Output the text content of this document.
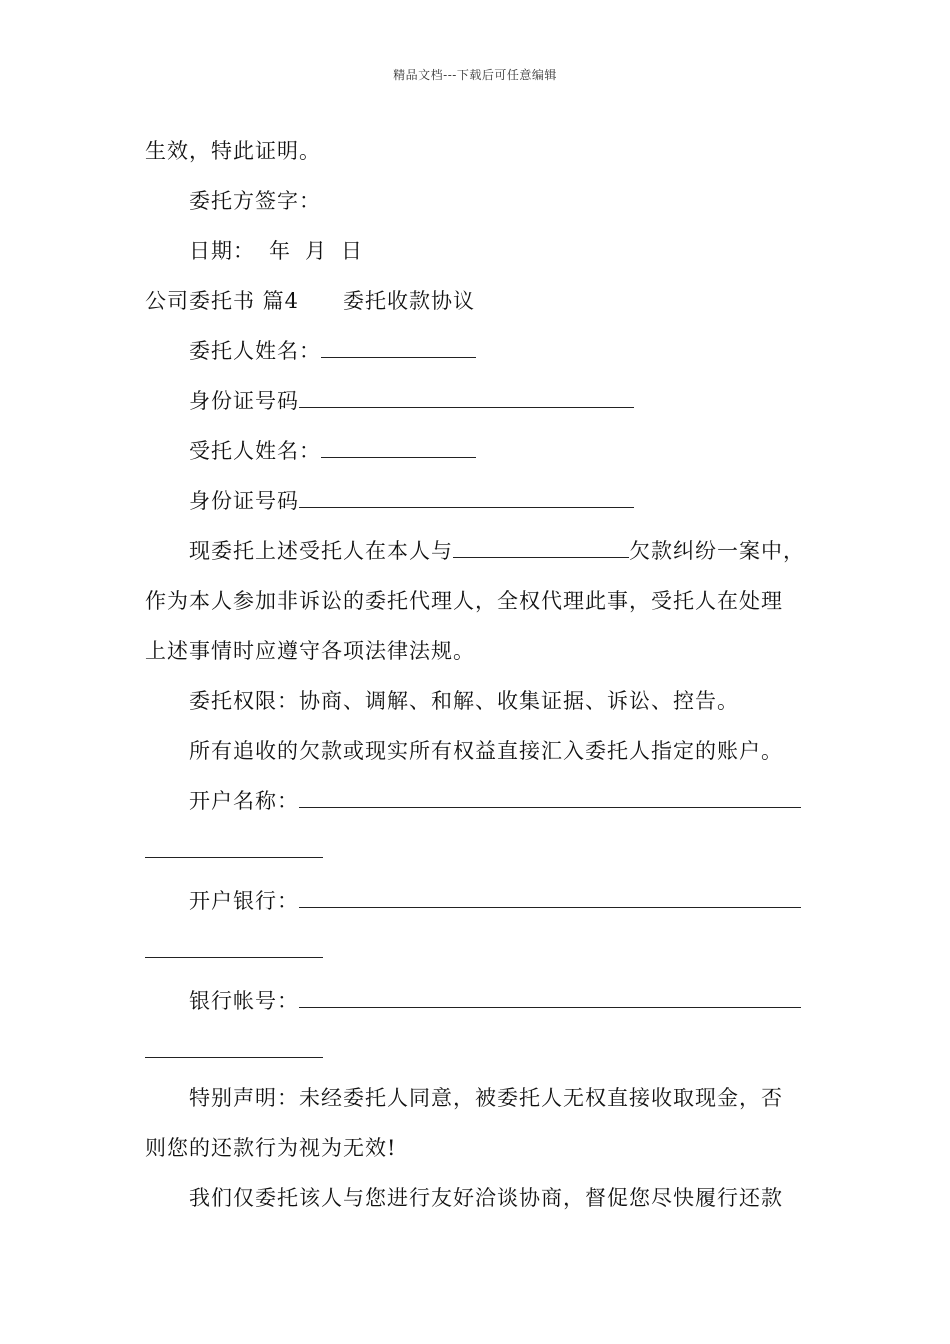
精品文档---下载后可任意编辑
生效，特此证明。
委托方签字：
日期： 年 月 日
公司委托书 篇4 委托收款协议
委托人姓名：
身份证号码
受托人姓名：
身份证号码
现委托上述受托人在本人与	欠款纠纷一案中，
作为本人参加非诉讼的委托代理人，全权代理此事，受托人在处理
上述事情时应遵守各项法律法规。
委托权限：协商、调解、和解、收集证据、诉讼、控告。
所有追收的欠款或现实所有权益直接汇入委托人指定的账户。
开户名称：
开户银行：
银行帐号：
特别声明：未经委托人同意，被委托人无权直接收取现金，否
则您的还款行为视为无效!
我们仅委托该人与您进行友好洽谈协商，督促您尽快履行还款
